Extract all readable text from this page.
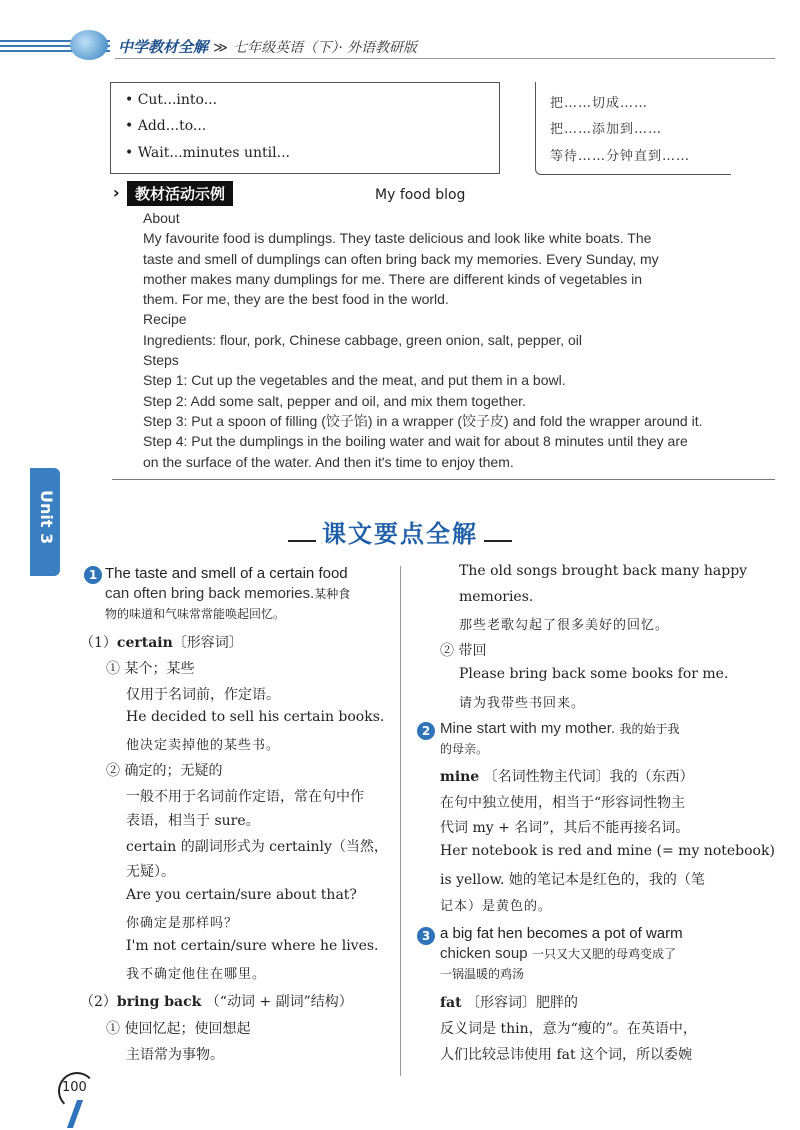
中学教材全解 ≫ 七年级英语（下）· 外语教研版
• Cut...into...
• Add...to...
• Wait...minutes until...
把……切成……
把……添加到……
等待……分钟直到……
›	教材活动示例	My food blog

About

My favourite food is dumplings. They taste delicious and look like white boats. The

taste and smell of dumplings can often bring back my memories. Every Sunday, my

mother makes many dumplings for me. There are different kinds of vegetables in

them. For me, they are the best food in the world.

Recipe

Ingredients: flour, pork, Chinese cabbage, green onion, salt, pepper, oil

Steps

Step 1: Cut up the vegetables and the meat, and put them in a bowl.

Step 2: Add some salt, pepper and oil, and mix them together.

Step 3: Put a spoon of filling (饺子馅) in a wrapper (饺子皮) and fold the wrapper around it.

Step 4: Put the dumplings in the boiling water and wait for about 8 minutes until they are

on the surface of the water. And then it's time to enjoy them.

Unit 3	课文要点全解
1 The taste and smell of a certain food
can often bring back memories.某种食
物的味道和气味常常能唤起回忆。
（1）certain〔形容词〕
① 某个；某些
仅用于名词前，作定语。
He decided to sell his certain books.
他决定卖掉他的某些书。
② 确定的；无疑的
一般不用于名词前作定语，常在句中作
表语，相当于 sure。
certain 的副词形式为 certainly（当然，
无疑）。
Are you certain/sure about that?
你确定是那样吗？
I'm not certain/sure where he lives.
我不确定他住在哪里。
（2）bring back （“动词 + 副词”结构）
① 使回忆起；使回想起
主语常为事物。
The old songs brought back many happy
memories.
那些老歌勾起了很多美好的回忆。
② 带回
Please bring back some books for me.
请为我带些书回来。
2 Mine start with my mother. 我的始于我
的母亲。
mine 〔名词性物主代词〕我的（东西）
在句中独立使用，相当于“形容词性物主
代词 my + 名词”，其后不能再接名词。
Her notebook is red and mine (= my notebook)
is yellow. 她的笔记本是红色的，我的（笔
记本）是黄色的。
3 a big fat hen becomes a pot of warm
chicken soup 一只又大又肥的母鸡变成了
一锅温暖的鸡汤
fat 〔形容词〕肥胖的
反义词是 thin，意为“瘦的”。在英语中，
人们比较忌讳使用 fat 这个词，所以委婉
100
